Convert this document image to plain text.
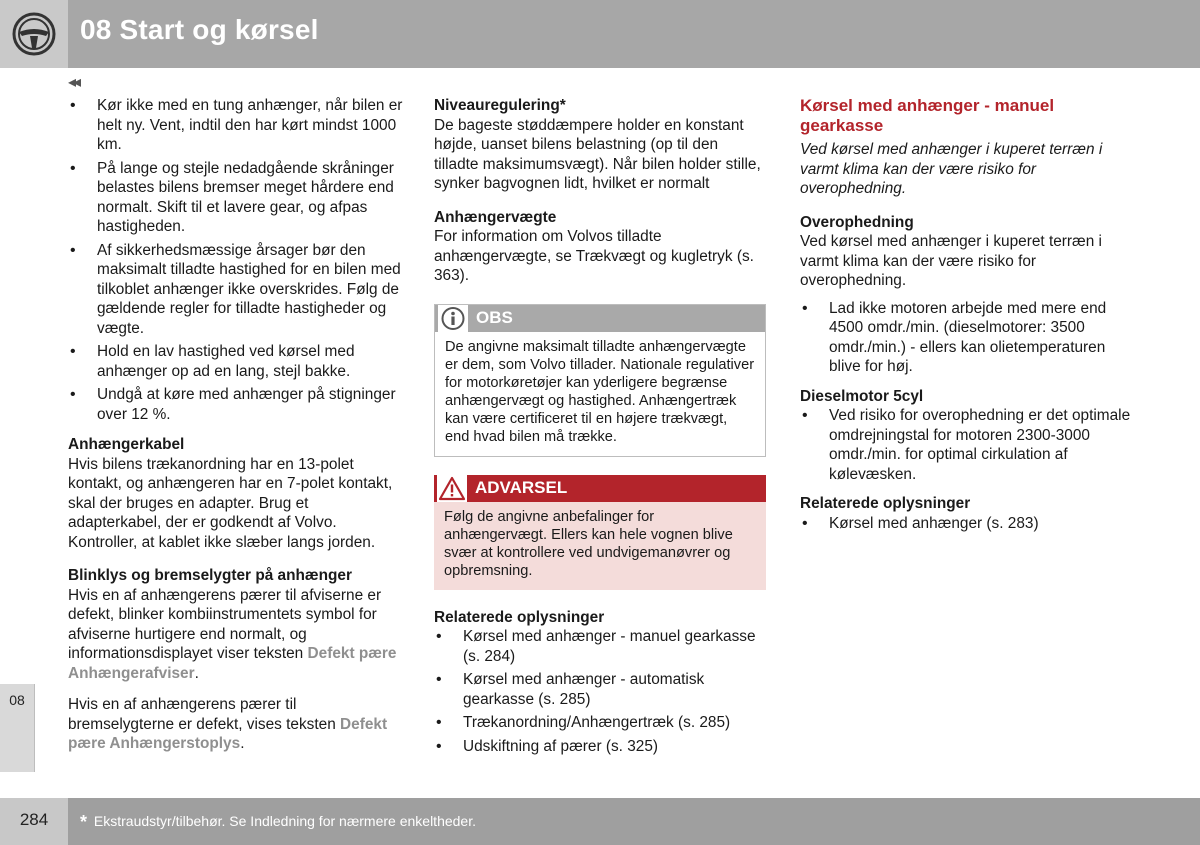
08 Start og kørsel
◂◂
• Kør ikke med en tung anhænger, når bilen er helt ny. Vent, indtil den har kørt mindst 1000 km.
• På lange og stejle nedadgående skråninger belastes bilens bremser meget hårdere end normalt. Skift til et lavere gear, og afpas hastigheden.
• Af sikkerhedsmæssige årsager bør den maksimalt tilladte hastighed for en bilen med tilkoblet anhænger ikke overskrides. Følg de gældende regler for tilladte hastigheder og vægte.
• Hold en lav hastighed ved kørsel med anhænger op ad en lang, stejl bakke.
• Undgå at køre med anhænger på stigninger over 12 %.

Anhængerkabel

Hvis bilens trækanordning har en 13-polet kontakt, og anhængeren har en 7-polet kontakt, skal der bruges en adapter. Brug et adapterkabel, der er godkendt af Volvo. Kontroller, at kablet ikke slæber langs jorden.

Blinklys og bremselygter på anhænger

Hvis en af anhængerens pærer til afviserne er defekt, blinker kombiinstrumentets symbol for afviserne hurtigere end normalt, og informationsdisplayet viser teksten Defekt pære Anhængerafviser.

Hvis en af anhængerens pærer til bremselygterne er defekt, vises teksten Defekt pære Anhængerstoplys.

Niveauregulering*

De bageste støddæmpere holder en konstant højde, uanset bilens belastning (op til den tilladte maksimumsvægt). Når bilen holder stille, synker bagvognen lidt, hvilket er normalt

Anhængervægte

For information om Volvos tilladte anhængervægte, se Trækvægt og kugletryk (s. 363).

OBS
De angivne maksimalt tilladte anhængervægte er dem, som Volvo tillader. Nationale regulativer for motorkøretøjer kan yderligere begrænse anhængervægt og hastighed. Anhængertræk kan være certificeret til en højere trækvægt, end hvad bilen må trække.
ADVARSEL
Følg de angivne anbefalinger for anhængervægt. Ellers kan hele vognen blive svær at kontrollere ved undvigemanøvrer og opbremsning.

Relaterede oplysninger

• Kørsel med anhænger - manuel gearkasse (s. 284)
• Kørsel med anhænger - automatisk gearkasse (s. 285)
• Trækanordning/Anhængertræk (s. 285)
• Udskiftning af pærer (s. 325)

Kørsel med anhænger - manuel gearkasse

Ved kørsel med anhænger i kuperet terræn i varmt klima kan der være risiko for overophedning.

Overophedning

Ved kørsel med anhænger i kuperet terræn i varmt klima kan der være risiko for overophedning.

• Lad ikke motoren arbejde med mere end 4500 omdr./min. (dieselmotorer: 3500 omdr./min.) - ellers kan olietemperaturen blive for høj.

Dieselmotor 5cyl

• Ved risiko for overophedning er det optimale omdrejningstal for motoren 2300-3000 omdr./min. for optimal cirkulation af kølevæsken.

Relaterede oplysninger

• Kørsel med anhænger (s. 283)
08
284	* Ekstraudstyr/tilbehør. Se Indledning for nærmere enkeltheder.
